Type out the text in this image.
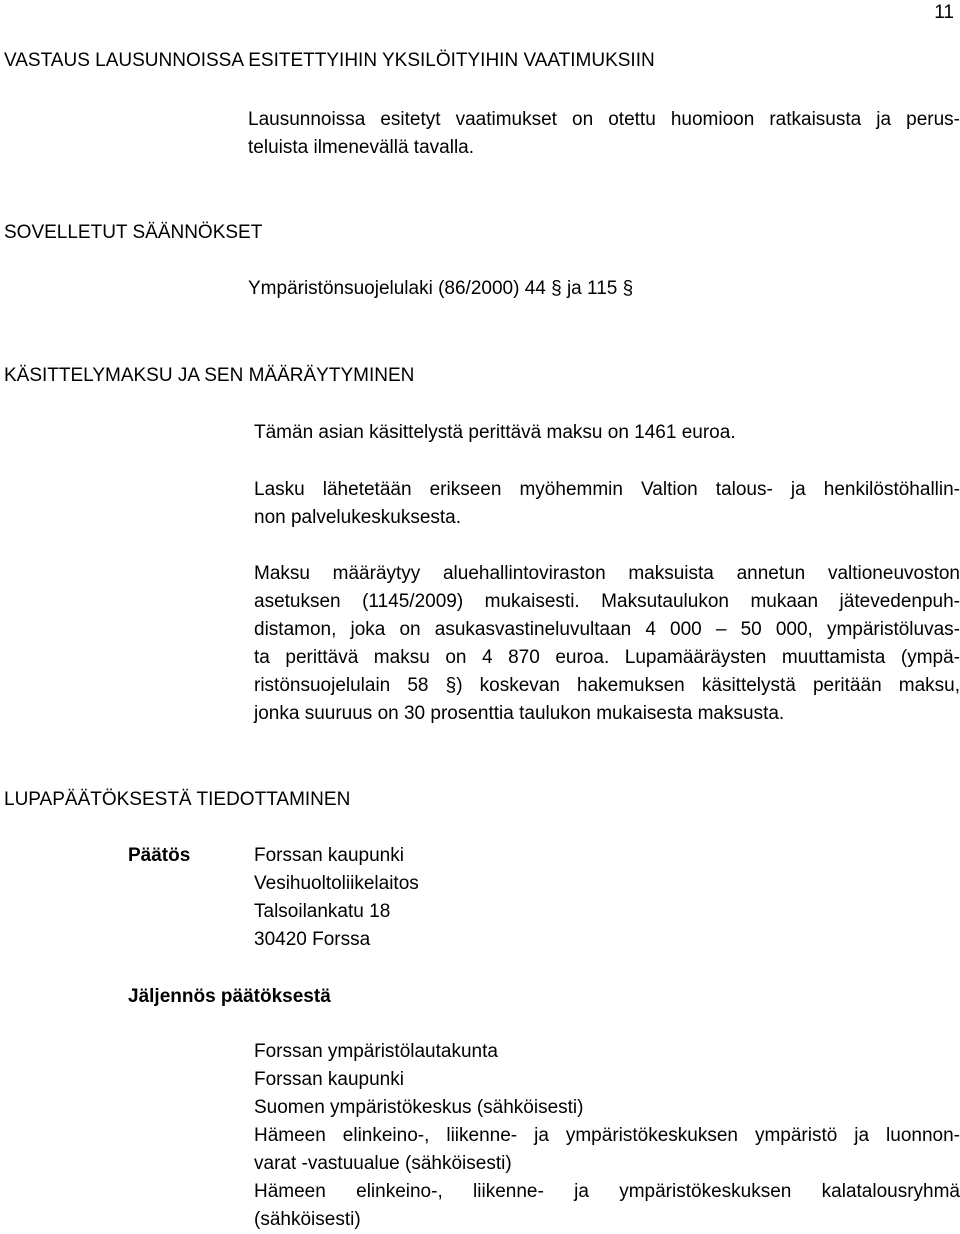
11
VASTAUS LAUSUNNOISSA ESITETTYIHIN YKSILÖITYIHIN VAATIMUKSIIN
Lausunnoissa esitetyt vaatimukset on otettu huomioon ratkaisusta ja perus-
teluista ilmenevällä tavalla.
SOVELLETUT SÄÄNNÖKSET
Ympäristönsuojelulaki (86/2000) 44 § ja 115 §
KÄSITTELYMAKSU JA SEN MÄÄRÄYTYMINEN
Tämän asian käsittelystä perittävä maksu on 1461 euroa.
Lasku lähetetään erikseen myöhemmin Valtion talous- ja henkilöstöhallin-
non palvelukeskuksesta.
Maksu määräytyy aluehallintoviraston maksuista annetun valtioneuvoston
asetuksen (1145/2009) mukaisesti. Maksutaulukon mukaan jätevedenpuh-
distamon, joka on asukasvastineluvultaan 4 000 – 50 000, ympäristöluvas-
ta perittävä maksu on 4 870 euroa. Lupamääräysten muuttamista (ympä-
ristönsuojelulain 58 §) koskevan hakemuksen käsittelystä peritään maksu,
jonka suuruus on 30 prosenttia taulukon mukaisesta maksusta.
LUPAPÄÄTÖKSESTÄ TIEDOTTAMINEN
Päätös	Forssan kaupunki
Vesihuoltoliikelaitos
Talsoilankatu 18
30420 Forssa
Jäljennös päätöksestä
Forssan ympäristölautakunta
Forssan kaupunki
Suomen ympäristökeskus (sähköisesti)
Hämeen elinkeino-, liikenne- ja ympäristökeskuksen ympäristö ja luonnon-
varat -vastuualue (sähköisesti)
Hämeen elinkeino-, liikenne- ja ympäristökeskuksen kalatalousryhmä
(sähköisesti)
